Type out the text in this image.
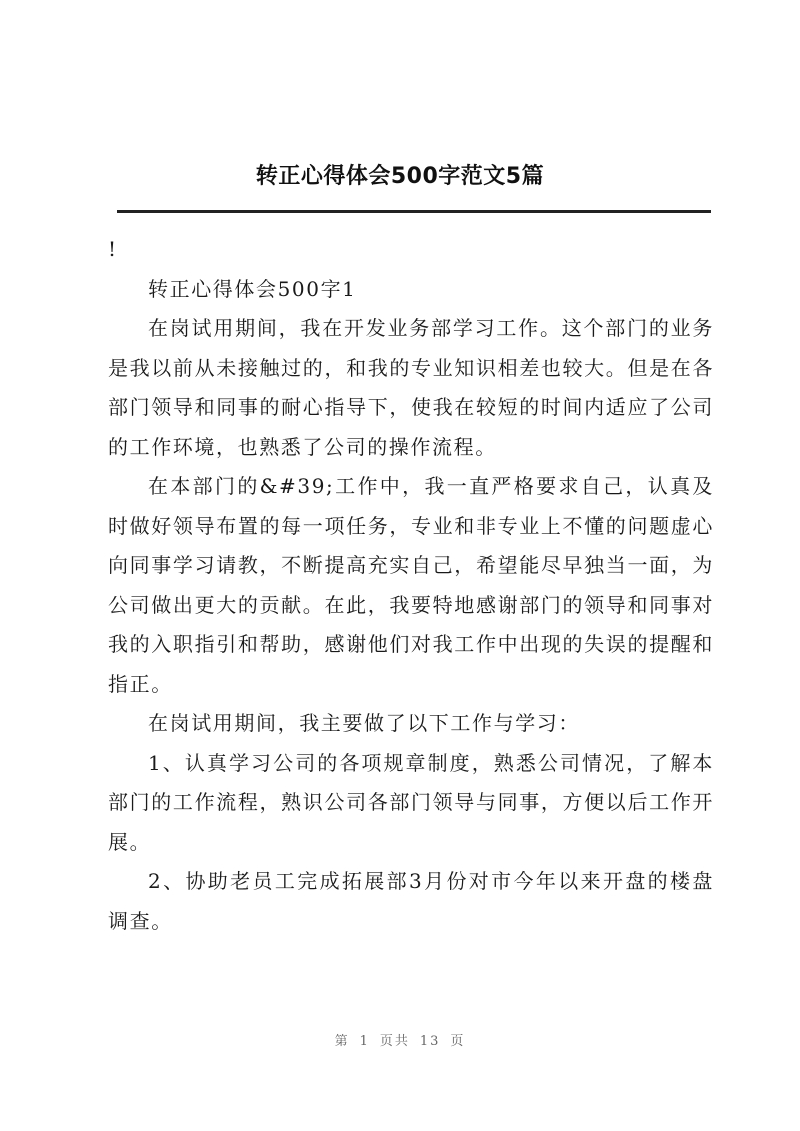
转正心得体会500字范文5篇

!

转正心得体会500字1

在岗试用期间，我在开发业务部学习工作。这个部门的业务是我以前从未接触过的，和我的专业知识相差也较大。但是在各部门领导和同事的耐心指导下，使我在较短的时间内适应了公司的工作环境，也熟悉了公司的操作流程。

在本部门的&#39;工作中，我一直严格要求自己，认真及时做好领导布置的每一项任务，专业和非专业上不懂的问题虚心向同事学习请教，不断提高充实自己，希望能尽早独当一面，为公司做出更大的贡献。在此，我要特地感谢部门的领导和同事对我的入职指引和帮助，感谢他们对我工作中出现的失误的提醒和指正。

在岗试用期间，我主要做了以下工作与学习：

1、认真学习公司的各项规章制度，熟悉公司情况，了解本部门的工作流程，熟识公司各部门领导与同事，方便以后工作开展。

2、协助老员工完成拓展部3月份对市今年以来开盘的楼盘调查。

第 1 页共 13 页
